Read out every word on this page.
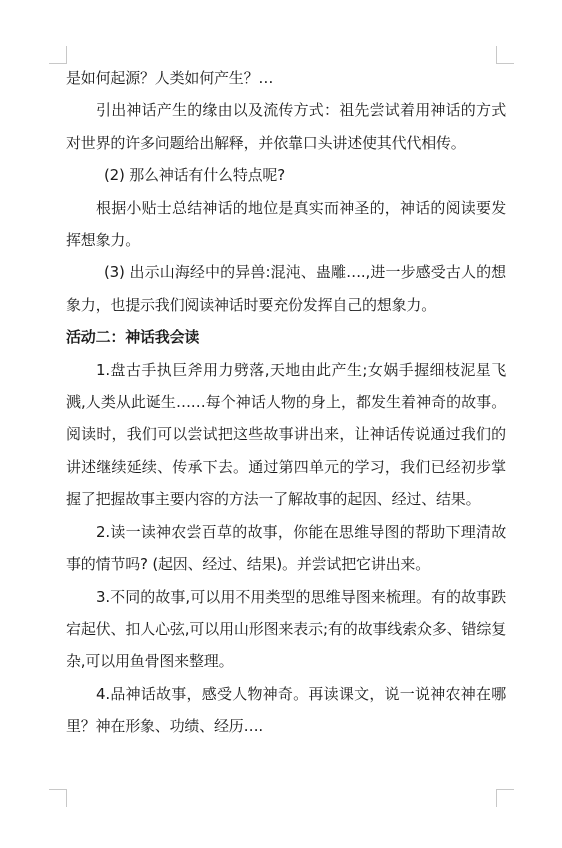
是如何起源？人类如何产生？…

引出神话产生的缘由以及流传方式：祖先尝试着用神话的方式对世界的许多问题给出解释，并依靠口头讲述使其代代相传。

(2) 那么神话有什么特点呢?

根据小贴士总结神话的地位是真实而神圣的，神话的阅读要发挥想象力。

(3) 出示山海经中的异兽:混沌、蛊雕….,进一步感受古人的想象力，也提示我们阅读神话时要充份发挥自己的想象力。

活动二：神话我会读

1.盘古手执巨斧用力劈落,天地由此产生;女娲手握细枝泥星飞溅,人类从此诞生……每个神话人物的身上，都发生着神奇的故事。阅读时，我们可以尝试把这些故事讲出来，让神话传说通过我们的讲述继续延续、传承下去。通过第四单元的学习，我们已经初步掌握了把握故事主要内容的方法一了解故事的起因、经过、结果。

2.读一读神农尝百草的故事，你能在思维导图的帮助下理清故事的情节吗? (起因、经过、结果)。并尝试把它讲出来。

3.不同的故事,可以用不用类型的思维导图来梳理。有的故事跌宕起伏、扣人心弦,可以用山形图来表示;有的故事线索众多、错综复杂,可以用鱼骨图来整理。

4.品神话故事，感受人物神奇。再读课文，说一说神农神在哪里？神在形象、功绩、经历….
